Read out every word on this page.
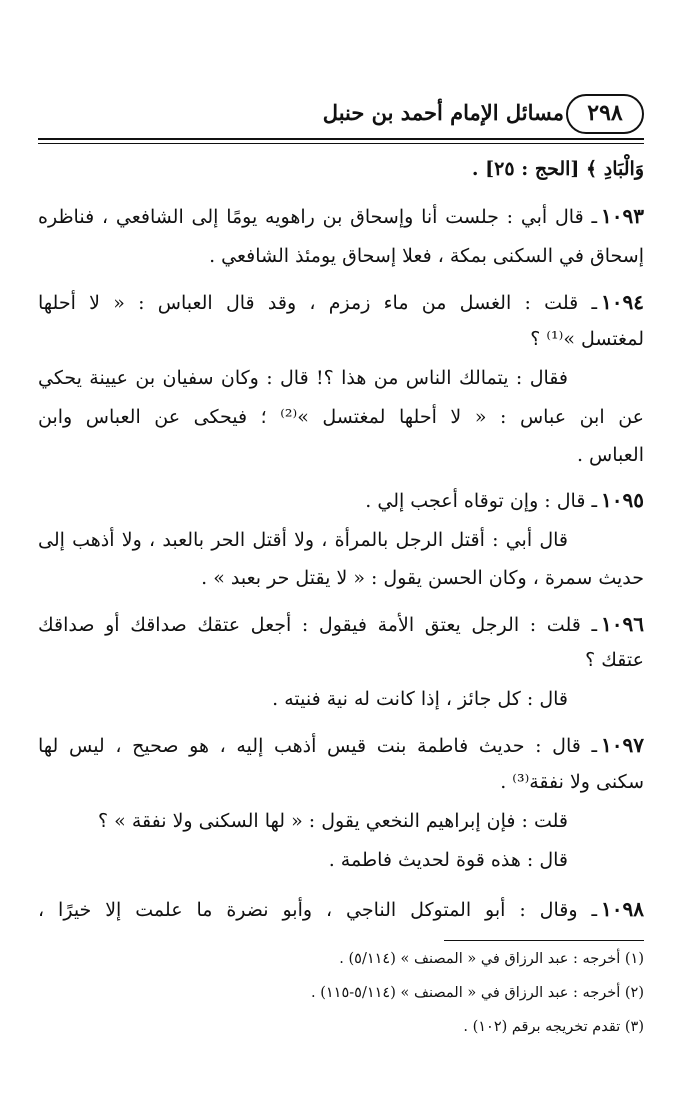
٢٩٨
مسائل الإمام أحمد بن حنبل
وَالْبَادِ ﴾ [الحج : ٢٥] .
١٠٩٣ـ قال أبي : جلست أنا وإسحاق بن راهويه يومًا إلى الشافعي ، فناظره
إسحاق في السكنى بمكة ، فعلا إسحاق يومئذ الشافعي .
١٠٩٤ـ قلت : الغسل من ماء زمزم ، وقد قال العباس : « لا أحلها
لمغتسل »⁽¹⁾ ؟
فقال : يتمالك الناس من هذا ؟! قال : وكان سفيان بن عيينة يحكي
عن ابن عباس : « لا أحلها لمغتسل »⁽²⁾ ؛ فيحكى عن العباس وابن
العباس .
١٠٩٥ـ قال : وإن توقاه أعجب إلي .
قال أبي : أقتل الرجل بالمرأة ، ولا أقتل الحر بالعبد ، ولا أذهب إلى
حديث سمرة ، وكان الحسن يقول : « لا يقتل حر بعبد » .
١٠٩٦ـ قلت : الرجل يعتق الأمة فيقول : أجعل عتقك صداقك أو صداقك
عتقك ؟
قال : كل جائز ، إذا كانت له نية فنيته .
١٠٩٧ـ قال : حديث فاطمة بنت قيس أذهب إليه ، هو صحيح ، ليس لها
سكنى ولا نفقة⁽³⁾ .
قلت : فإن إبراهيم النخعي يقول : « لها السكنى ولا نفقة » ؟
قال : هذه قوة لحديث فاطمة .
١٠٩٨ـ وقال : أبو المتوكل الناجي ، وأبو نضرة ما علمت إلا خيرًا ،
(١) أخرجه : عبد الرزاق في « المصنف » (٥/١١٤) .
(٢) أخرجه : عبد الرزاق في « المصنف » (٥/١١٤-١١٥) .
(٣) تقدم تخريجه برقم (١٠٢) .
